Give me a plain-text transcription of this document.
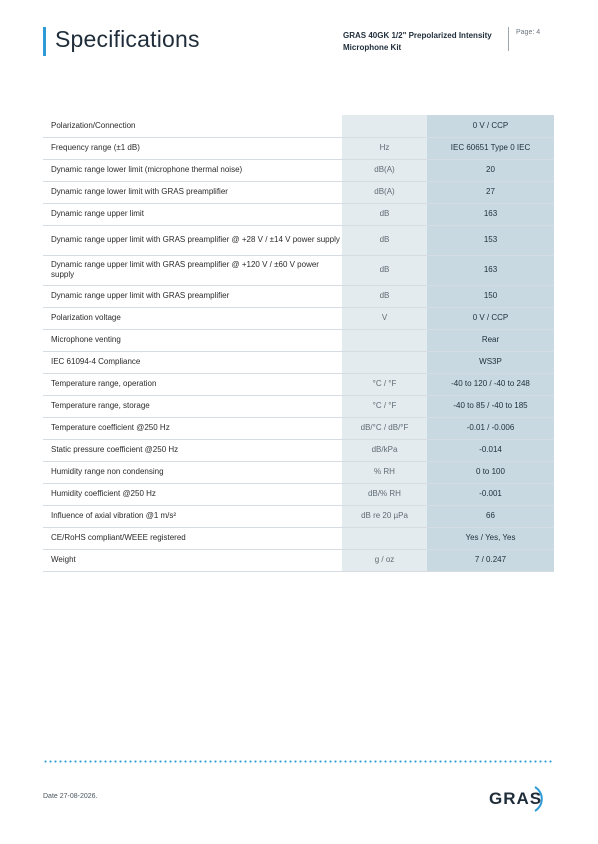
Specifications	GRAS 40GK 1/2" Prepolarized Intensity Microphone Kit
Page: 4
Polarization/Connection		0 V / CCP
Frequency range (±1 dB)	Hz	IEC 60651 Type 0 IEC
Dynamic range lower limit (microphone thermal noise)	dB(A)	20
Dynamic range lower limit with GRAS preamplifier	dB(A)	27
Dynamic range upper limit	dB	163
Dynamic range upper limit with GRAS preamplifier @ +28 V / ±14 V power supply	dB	153
Dynamic range upper limit with GRAS preamplifier @ +120 V / ±60 V power supply	dB	163
Dynamic range upper limit with GRAS preamplifier	dB	150
Polarization voltage	V	0 V / CCP
Microphone venting		Rear
IEC 61094-4 Compliance		WS3P
Temperature range, operation	°C / °F	-40 to 120 / -40 to 248
Temperature range, storage	°C / °F	-40 to 85 / -40 to 185
Temperature coefficient @250 Hz	dB/°C / dB/°F	-0.01 / -0.006
Static pressure coefficient @250 Hz	dB/kPa	-0.014
Humidity range non condensing	% RH	0 to 100
Humidity coefficient @250 Hz	dB/% RH	-0.001
Influence of axial vibration @1 m/s²	dB re 20 µPa	66
CE/RoHS compliant/WEEE registered		Yes / Yes, Yes
Weight	g / oz	7 / 0.247
Date 27-08-2026.	GRAS
